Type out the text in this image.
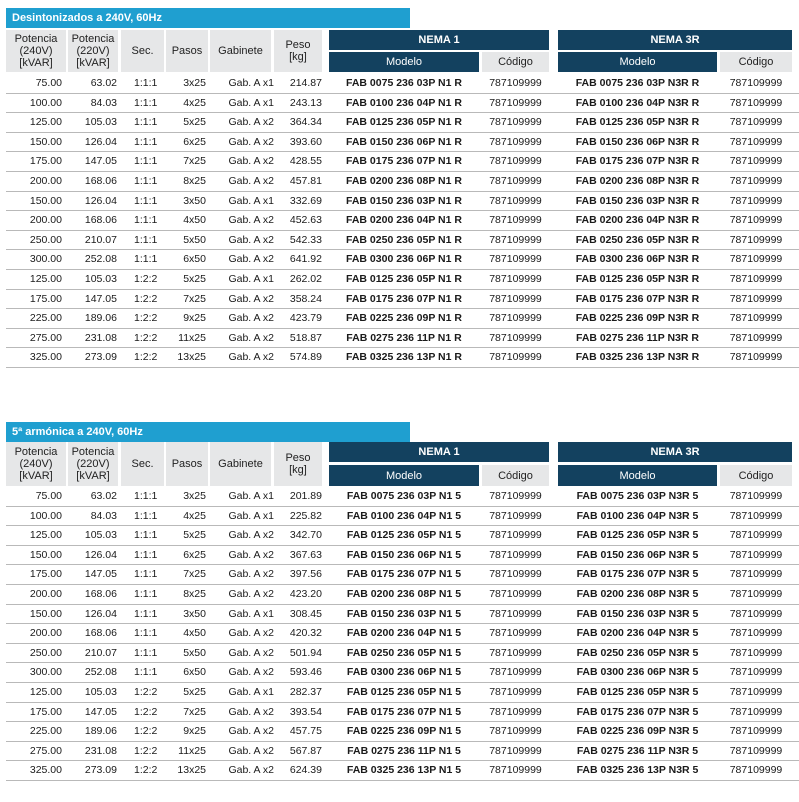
Desintonizados a 240V, 60Hz
Potencia (240V) [kVAR]
Potencia (220V) [kVAR]
Sec.	Pasos	Gabinete	Peso [kg]
NEMA 1
Modelo	Código
NEMA 3R
Modelo	Código
75.00	63.02 1:1:1	3x25	Gab. A x1	214.87	FAB 0075 236 03P N1 R	787109999	FAB 0075 236 03P N3R R	787109999
100.00	84.03 1:1:1	4x25	Gab. A x1	243.13	FAB 0100 236 04P N1 R	787109999	FAB 0100 236 04P N3R R	787109999
125.00	105.03 1:1:1	5x25	Gab. A x2	364.34	FAB 0125 236 05P N1 R	787109999	FAB 0125 236 05P N3R R	787109999
150.00	126.04 1:1:1	6x25	Gab. A x2	393.60	FAB 0150 236 06P N1 R	787109999	FAB 0150 236 06P N3R R	787109999
175.00	147.05 1:1:1	7x25	Gab. A x2	428.55	FAB 0175 236 07P N1 R	787109999	FAB 0175 236 07P N3R R	787109999
200.00	168.06 1:1:1	8x25	Gab. A x2	457.81	FAB 0200 236 08P N1 R	787109999	FAB 0200 236 08P N3R R	787109999
150.00	126.04 1:1:1	3x50	Gab. A x1	332.69	FAB 0150 236 03P N1 R	787109999	FAB 0150 236 03P N3R R	787109999
200.00	168.06 1:1:1	4x50	Gab. A x2	452.63	FAB 0200 236 04P N1 R	787109999	FAB 0200 236 04P N3R R	787109999
250.00	210.07 1:1:1	5x50	Gab. A x2	542.33	FAB 0250 236 05P N1 R	787109999	FAB 0250 236 05P N3R R	787109999
300.00	252.08 1:1:1	6x50	Gab. A x2	641.92	FAB 0300 236 06P N1 R	787109999	FAB 0300 236 06P N3R R	787109999
125.00	105.03 1:2:2	5x25	Gab. A x1	262.02	FAB 0125 236 05P N1 R	787109999	FAB 0125 236 05P N3R R	787109999
175.00	147.05 1:2:2	7x25	Gab. A x2	358.24	FAB 0175 236 07P N1 R	787109999	FAB 0175 236 07P N3R R	787109999
225.00	189.06 1:2:2	9x25	Gab. A x2	423.79	FAB 0225 236 09P N1 R	787109999	FAB 0225 236 09P N3R R	787109999
275.00	231.08 1:2:2	11x25	Gab. A x2	518.87	FAB 0275 236 11P N1 R	787109999	FAB 0275 236 11P N3R R	787109999
325.00	273.09 1:2:2	13x25	Gab. A x2	574.89	FAB 0325 236 13P N1 R	787109999	FAB 0325 236 13P N3R R	787109999
5ª armónica a 240V, 60Hz
Potencia (240V) [kVAR]
Potencia (220V) [kVAR]
Sec.	Pasos	Gabinete	Peso [kg]
NEMA 1
Modelo	Código
NEMA 3R
Modelo	Código
75.00	63.02 1:1:1	3x25	Gab. A x1	201.89	FAB 0075 236 03P N1 5	787109999	FAB 0075 236 03P N3R 5	787109999
100.00	84.03 1:1:1	4x25	Gab. A x1	225.82	FAB 0100 236 04P N1 5	787109999	FAB 0100 236 04P N3R 5	787109999
125.00	105.03 1:1:1	5x25	Gab. A x2	342.70	FAB 0125 236 05P N1 5	787109999	FAB 0125 236 05P N3R 5	787109999
150.00	126.04 1:1:1	6x25	Gab. A x2	367.63	FAB 0150 236 06P N1 5	787109999	FAB 0150 236 06P N3R 5	787109999
175.00	147.05 1:1:1	7x25	Gab. A x2	397.56	FAB 0175 236 07P N1 5	787109999	FAB 0175 236 07P N3R 5	787109999
200.00	168.06 1:1:1	8x25	Gab. A x2	423.20	FAB 0200 236 08P N1 5	787109999	FAB 0200 236 08P N3R 5	787109999
150.00	126.04 1:1:1	3x50	Gab. A x1	308.45	FAB 0150 236 03P N1 5	787109999	FAB 0150 236 03P N3R 5	787109999
200.00	168.06 1:1:1	4x50	Gab. A x2	420.32	FAB 0200 236 04P N1 5	787109999	FAB 0200 236 04P N3R 5	787109999
250.00	210.07 1:1:1	5x50	Gab. A x2	501.94	FAB 0250 236 05P N1 5	787109999	FAB 0250 236 05P N3R 5	787109999
300.00	252.08 1:1:1	6x50	Gab. A x2	593.46	FAB 0300 236 06P N1 5	787109999	FAB 0300 236 06P N3R 5	787109999
125.00	105.03 1:2:2	5x25	Gab. A x1	282.37	FAB 0125 236 05P N1 5	787109999	FAB 0125 236 05P N3R 5	787109999
175.00	147.05 1:2:2	7x25	Gab. A x2	393.54	FAB 0175 236 07P N1 5	787109999	FAB 0175 236 07P N3R 5	787109999
225.00	189.06 1:2:2	9x25	Gab. A x2	457.75	FAB 0225 236 09P N1 5	787109999	FAB 0225 236 09P N3R 5	787109999
275.00	231.08 1:2:2	11x25	Gab. A x2	567.87	FAB 0275 236 11P N1 5	787109999	FAB 0275 236 11P N3R 5	787109999
325.00	273.09 1:2:2	13x25	Gab. A x2	624.39	FAB 0325 236 13P N1 5	787109999	FAB 0325 236 13P N3R 5	787109999
